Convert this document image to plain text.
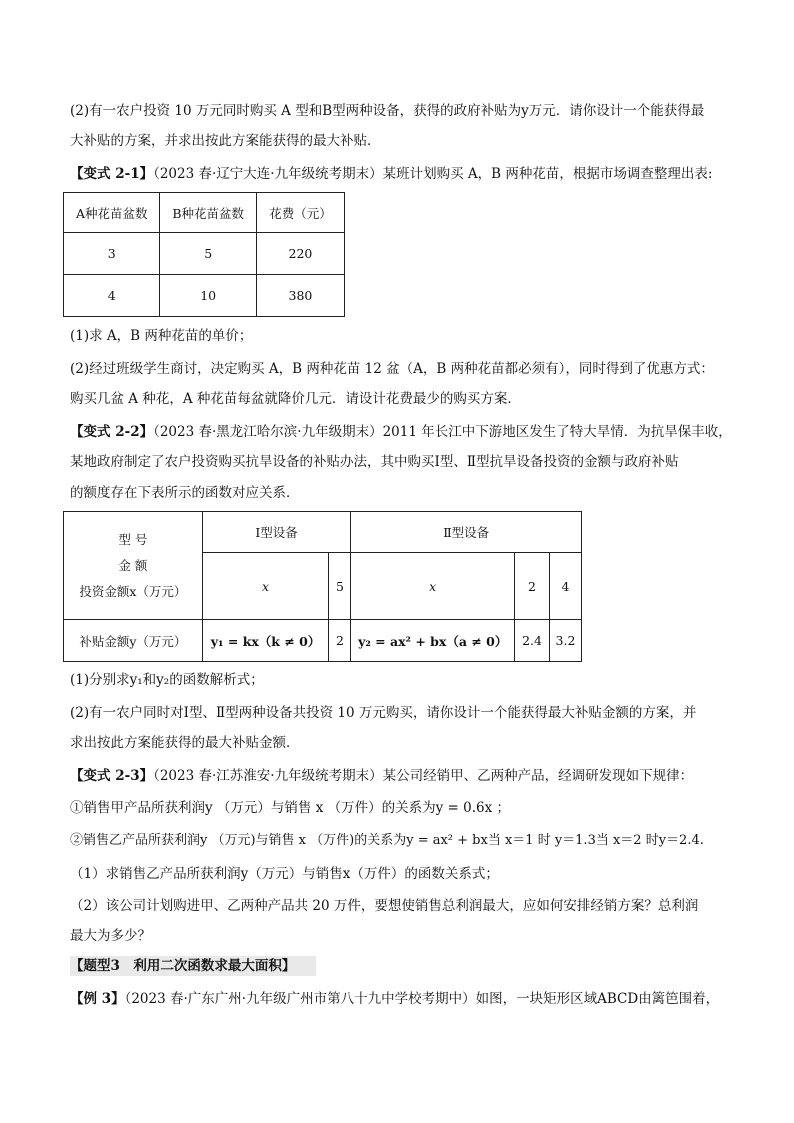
(2)有一农户投资 10 万元同时购买 A 型和B型两种设备，获得的政府补贴为y万元．请你设计一个能获得最
大补贴的方案，并求出按此方案能获得的最大补贴．
【变式 2-1】（2023 春·辽宁大连·九年级统考期末）某班计划购买 A，B 两种花苗，根据市场调查整理出表:
A种花苗盆数	B种花苗盆数	花费（元）
3	5	220
4	10	380
(1)求 A，B 两种花苗的单价；
(2)经过班级学生商讨，决定购买 A，B 两种花苗 12 盆（A，B 两种花苗都必须有），同时得到了优惠方式：
购买几盆 A 种花，A 种花苗每盆就降价几元．请设计花费最少的购买方案．
【变式 2-2】（2023 春·黑龙江哈尔滨·九年级期末）2011 年长江中下游地区发生了特大旱情．为抗旱保丰收，
某地政府制定了农户投资购买抗旱设备的补贴办法，其中购买Ⅰ型、Ⅱ型抗旱设备投资的金额与政府补贴
的额度存在下表所示的函数对应关系．
型 号
金 额
投资金额x（万元）	Ⅰ型设备		Ⅱ型设备		
	x	5	x	2	4
补贴金额y（万元）	y₁ = kx（k ≠ 0）	2	y₂ = ax² + bx（a ≠ 0）	2.4	3.2
(1)分别求y₁和y₂的函数解析式；
(2)有一农户同时对Ⅰ型、Ⅱ型两种设备共投资 10 万元购买，请你设计一个能获得最大补贴金额的方案，并
求出按此方案能获得的最大补贴金额．
【变式 2-3】（2023 春·江苏淮安·九年级统考期末）某公司经销甲、乙两种产品，经调研发现如下规律：
①销售甲产品所获利润y （万元）与销售 x （万件）的关系为y = 0.6x ；
②销售乙产品所获利润y （万元)与销售 x （万件)的关系为y = ax² + bx当 x＝1 时 y＝1.3当 x＝2 时y＝2.4.
（1）求销售乙产品所获利润y（万元）与销售x（万件）的函数关系式；
（2）该公司计划购进甲、乙两种产品共 20 万件，要想使销售总利润最大，应如何安排经销方案？总利润
最大为多少？
【题型3　利用二次函数求最大面积】
【例 3】（2023 春·广东广州·九年级广州市第八十九中学校考期中）如图，一块矩形区域ABCD由篱笆围着，
